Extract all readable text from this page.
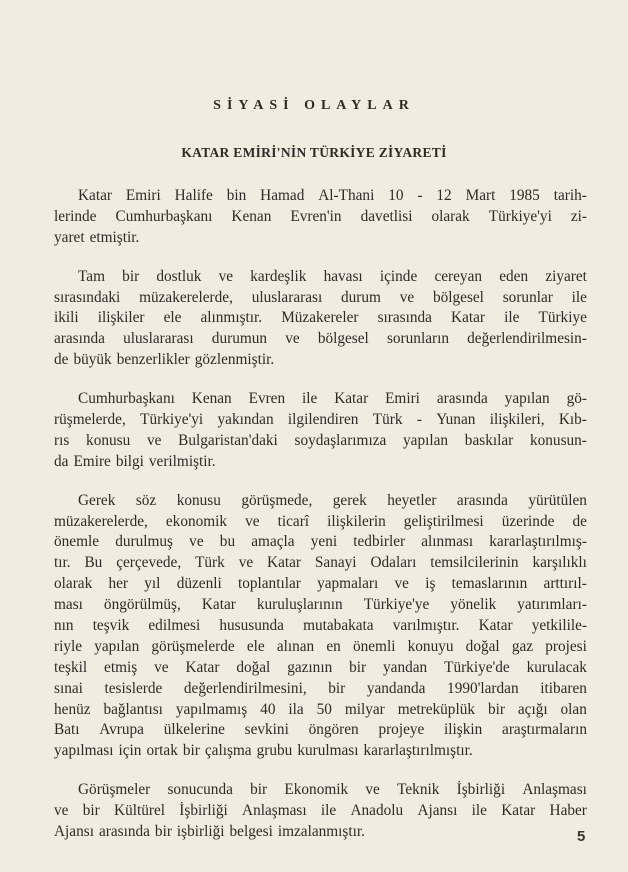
SİYASİ OLAYLAR
KATAR EMİRİ'NİN TÜRKİYE ZİYARETİ
Katar Emiri Halife bin Hamad Al-Thani 10 - 12 Mart 1985 tarih-
lerinde Cumhurbaşkanı Kenan Evren'in davetlisi olarak Türkiye'yi zi-
yaret etmiştir.
Tam bir dostluk ve kardeşlik havası içinde cereyan eden ziyaret
sırasındaki müzakerelerde, uluslararası durum ve bölgesel sorunlar ile
ikili ilişkiler ele alınmıştır. Müzakereler sırasında Katar ile Türkiye
arasında uluslararası durumun ve bölgesel sorunların değerlendirilmesin-
de büyük benzerlikler gözlenmiştir.
Cumhurbaşkanı Kenan Evren ile Katar Emiri arasında yapılan gö-
rüşmelerde, Türkiye'yi yakından ilgilendiren Türk - Yunan ilişkileri, Kıb-
rıs konusu ve Bulgaristan'daki soydaşlarımıza yapılan baskılar konusun-
da Emire bilgi verilmiştir.
Gerek söz konusu görüşmede, gerek heyetler arasında yürütülen
müzakerelerde, ekonomik ve ticarî ilişkilerin geliştirilmesi üzerinde de
önemle durulmuş ve bu amaçla yeni tedbirler alınması kararlaştırılmış-
tır. Bu çerçevede, Türk ve Katar Sanayi Odaları temsilcilerinin karşılıklı
olarak her yıl düzenli toplantılar yapmaları ve iş temaslarının arttırıl-
ması öngörülmüş, Katar kuruluşlarının Türkiye'ye yönelik yatırımları-
nın teşvik edilmesi hususunda mutabakata varılmıştır. Katar yetkilile-
riyle yapılan görüşmelerde ele alınan en önemli konuyu doğal gaz projesi
teşkil etmiş ve Katar doğal gazının bir yandan Türkiye'de kurulacak
sınai tesislerde değerlendirilmesini, bir yandanda 1990'lardan itibaren
henüz bağlantısı yapılmamış 40 ila 50 milyar metreküplük bir açığı olan
Batı Avrupa ülkelerine sevkini öngören projeye ilişkin araştırmaların
yapılması için ortak bir çalışma grubu kurulması kararlaştırılmıştır.
Görüşmeler sonucunda bir Ekonomik ve Teknik İşbirliği Anlaşması
ve bir Kültürel İşbirliği Anlaşması ile Anadolu Ajansı ile Katar Haber
Ajansı arasında bir işbirliği belgesi imzalanmıştır.	5
